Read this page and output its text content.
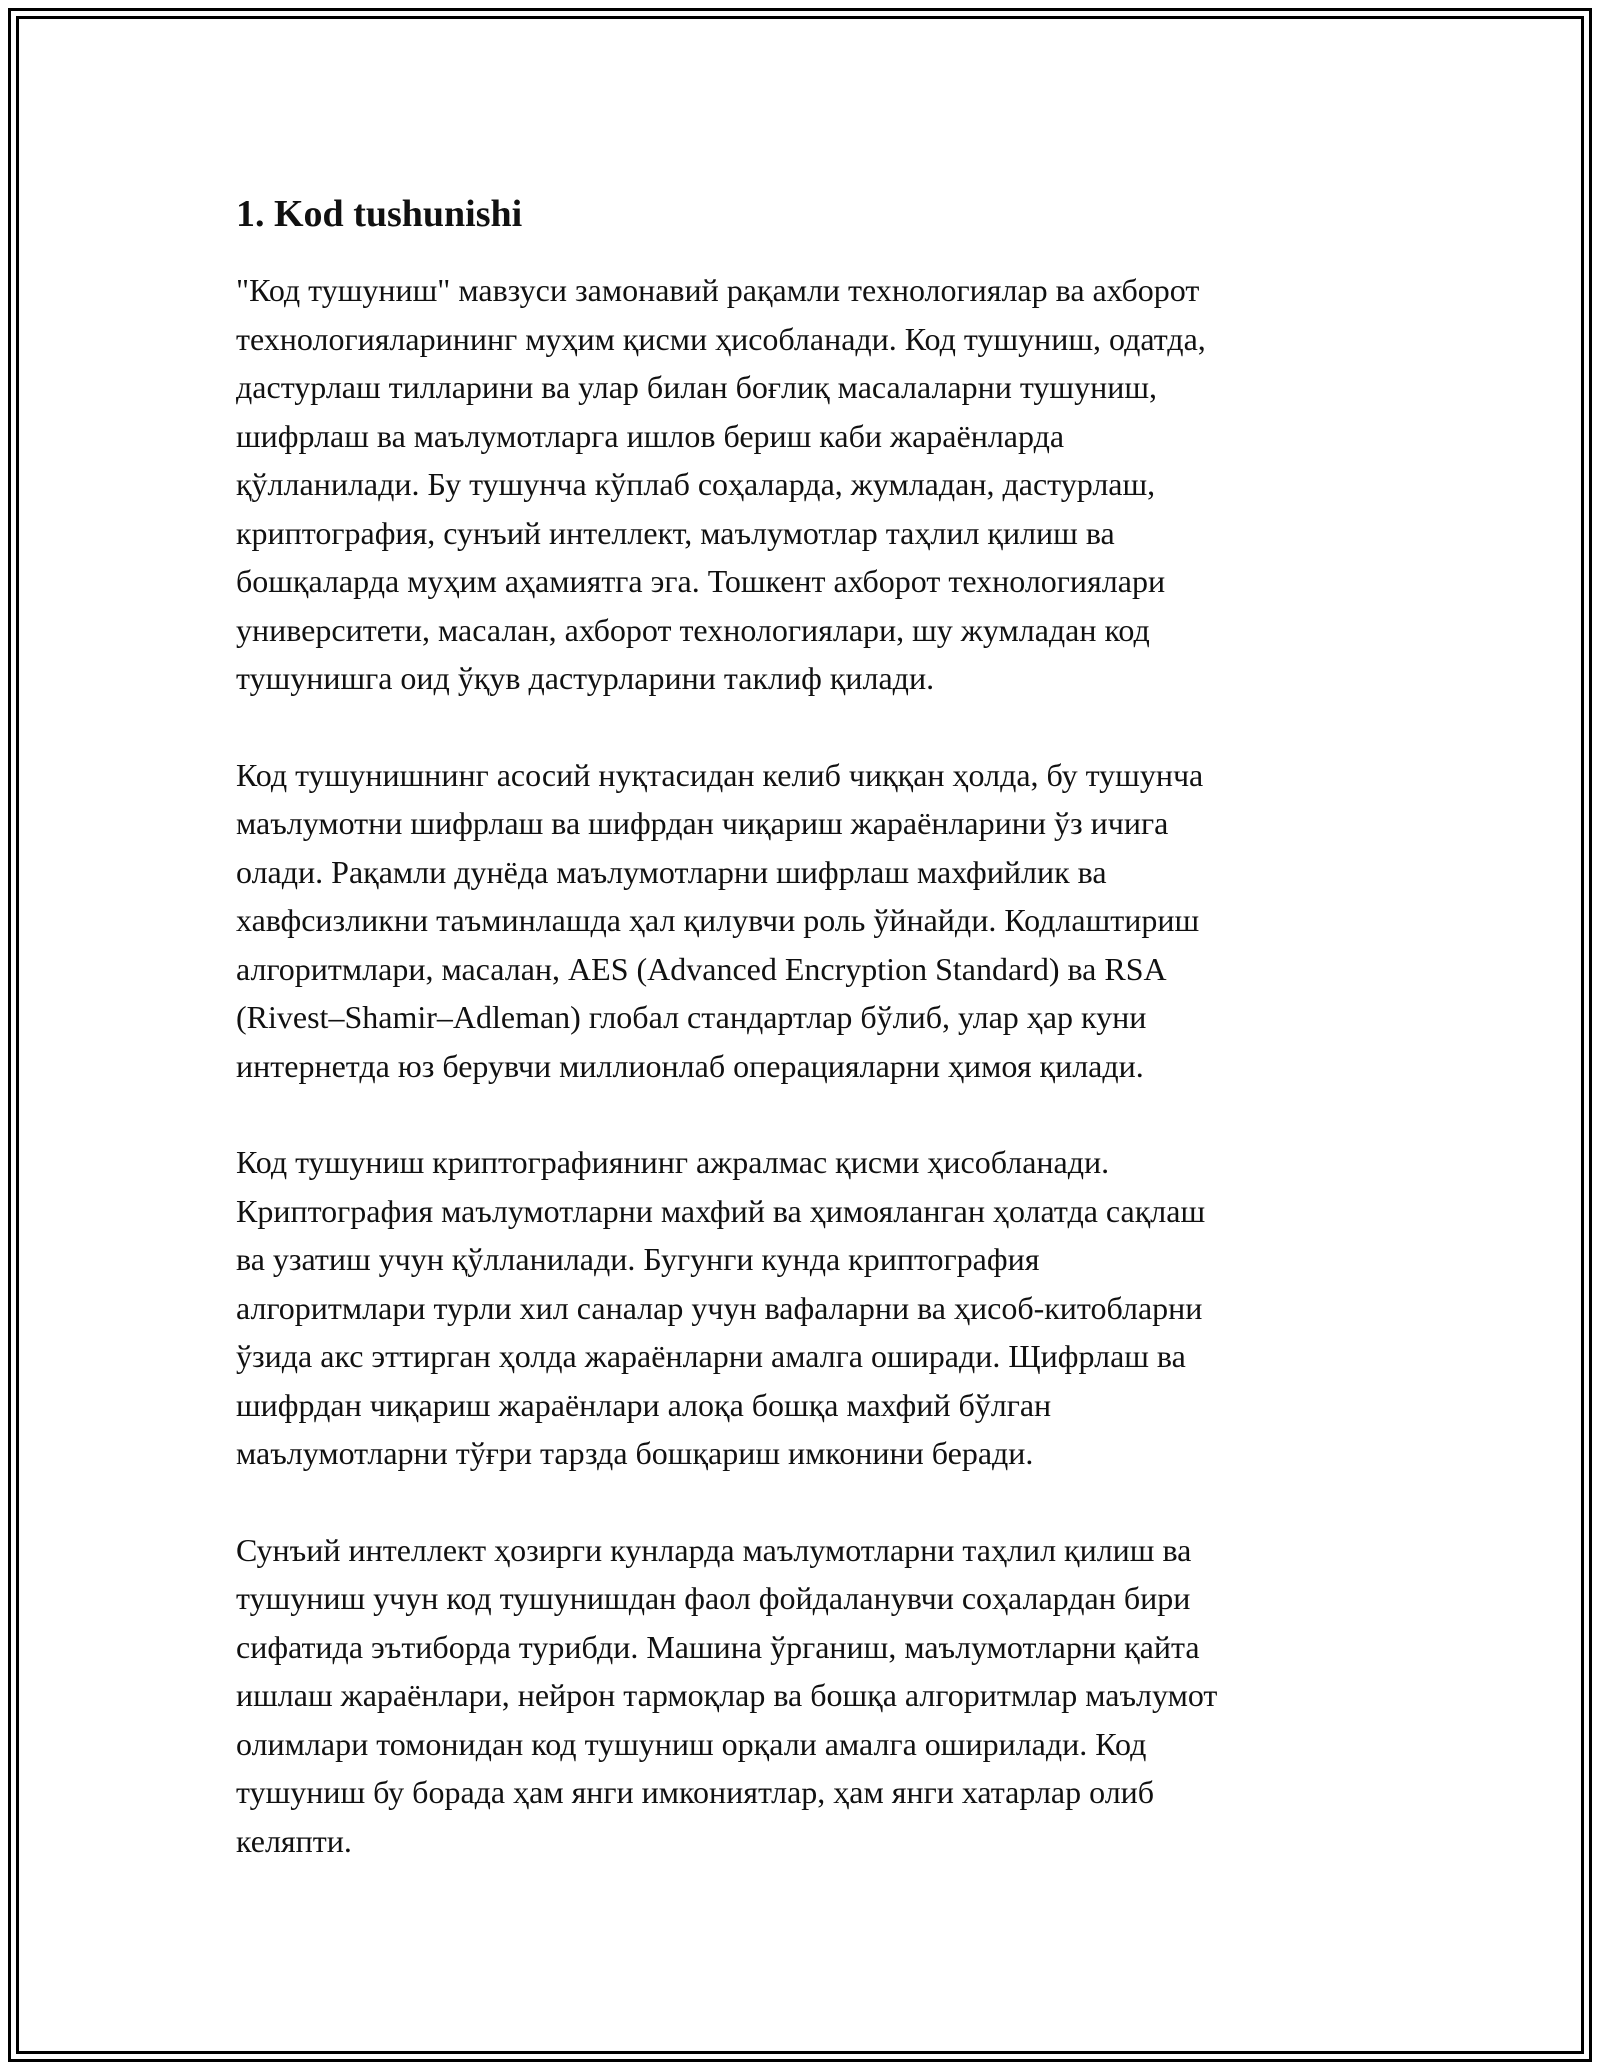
1. Kod tushunishi

"Код тушуниш" мавзуси замонавий рақамли технологиялар ва ахборот
технологияларининг муҳим қисми ҳисобланади. Код тушуниш, одатда,
дастурлаш тилларини ва улар билан боғлиқ масалаларни тушуниш,
шифрлаш ва маълумотларга ишлов бериш каби жараёнларда
қўлланилади. Бу тушунча кўплаб соҳаларда, жумладан, дастурлаш,
криптография, сунъий интеллект, маълумотлар таҳлил қилиш ва
бошқаларда муҳим аҳамиятга эга. Тошкент ахборот технологиялари
университети, масалан, ахборот технологиялари, шу жумладан код
тушунишга оид ўқув дастурларини таклиф қилади.

Код тушунишнинг асосий нуқтасидан келиб чиққан ҳолда, бу тушунча
маълумотни шифрлаш ва шифрдан чиқариш жараёнларини ўз ичига
олади. Рақамли дунёда маълумотларни шифрлаш махфийлик ва
хавфсизликни таъминлашда ҳал қилувчи роль ўйнайди. Кодлаштириш
алгоритмлари, масалан, AES (Advanced Encryption Standard) ва RSA
(Rivest–Shamir–Adleman) глобал стандартлар бўлиб, улар ҳар куни
интернетда юз берувчи миллионлаб операцияларни ҳимоя қилади.

Код тушуниш криптографиянинг ажралмас қисми ҳисобланади.
Криптография маълумотларни махфий ва ҳимояланган ҳолатда сақлаш
ва узатиш учун қўлланилади. Бугунги кунда криптография
алгоритмлари турли хил саналар учун вафаларни ва ҳисоб-китобларни
ўзида акс эттирган ҳолда жараёнларни амалга оширади. Щифрлаш ва
шифрдан чиқариш жараёнлари алоқа бошқа махфий бўлган
маълумотларни тўғри тарзда бошқариш имконини беради.

Сунъий интеллект ҳозирги кунларда маълумотларни таҳлил қилиш ва
тушуниш учун код тушунишдан фаол фойдаланувчи соҳалардан бири
сифатида эътиборда турибди. Машина ўрганиш, маълумотларни қайта
ишлаш жараёнлари, нейрон тармоқлар ва бошқа алгоритмлар маълумот
олимлари томонидан код тушуниш орқали амалга оширилади. Код
тушуниш бу борада ҳам янги имкониятлар, ҳам янги хатарлар олиб
келяпти.
